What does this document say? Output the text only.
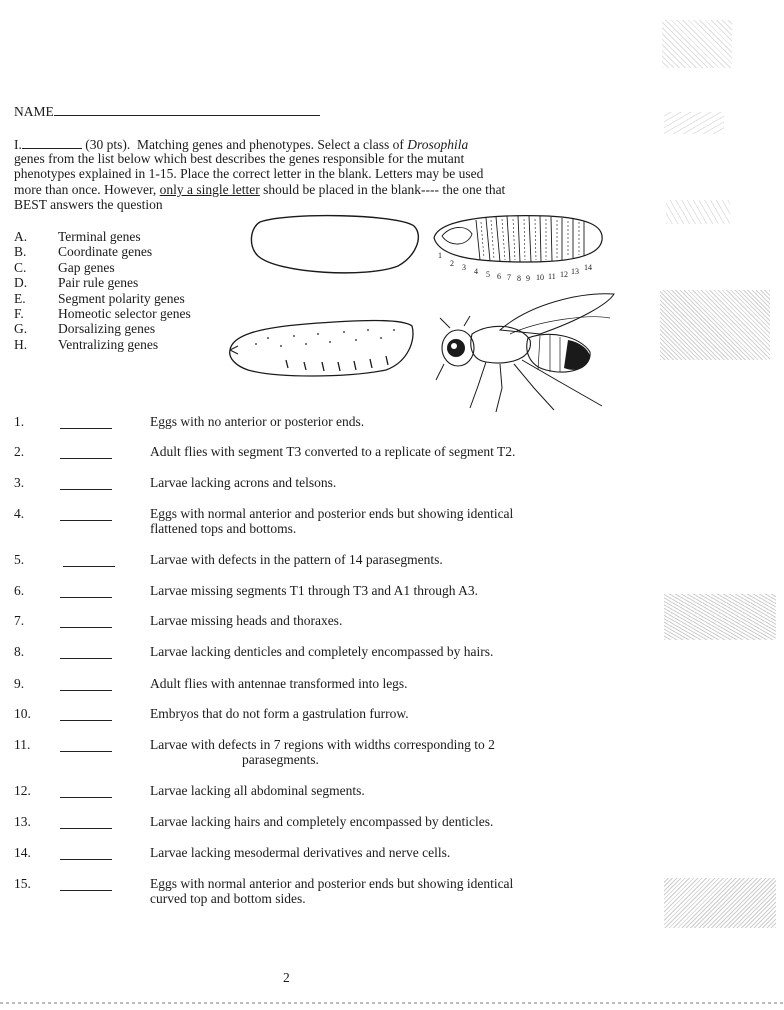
NAME
I.	(30 pts). Matching genes and phenotypes. Select a class of Drosophila
genes from the list below which best describes the genes responsible for the mutant
phenotypes explained in 1-15. Place the correct letter in the blank. Letters may be used
more than once. However, only a single letter should be placed in the blank---- the one that
BEST answers the question
A. Terminal genes
B. Coordinate genes
C. Gap genes
D. Pair rule genes
E. Segment polarity genes
F.	Homeotic selector genes
G. Dorsalizing genes
H. Ventralizing genes
1
2 3 4 5 6 7 8 9 10 11 12 13 14
1.	Eggs with no anterior or posterior ends.
2.	Adult flies with segment T3 converted to a replicate of segment T2.
3.	Larvae lacking acrons and telsons.
4.	Eggs with normal anterior and posterior ends but showing identical
flattened tops and bottoms.
5.	Larvae with defects in the pattern of 14 parasegments.
6.	Larvae missing segments T1 through T3 and A1 through A3.
7.	Larvae missing heads and thoraxes.
8.	Larvae lacking denticles and completely encompassed by hairs.
9.	Adult flies with antennae transformed into legs.
10.	Embryos that do not form a gastrulation furrow.
11.	Larvae with defects in 7 regions with widths corresponding to 2
parasegments.
12.	Larvae lacking all abdominal segments.
13.	Larvae lacking hairs and completely encompassed by denticles.
14.	Larvae lacking mesodermal derivatives and nerve cells.
15.	Eggs with normal anterior and posterior ends but showing identical
curved top and bottom sides.
2
